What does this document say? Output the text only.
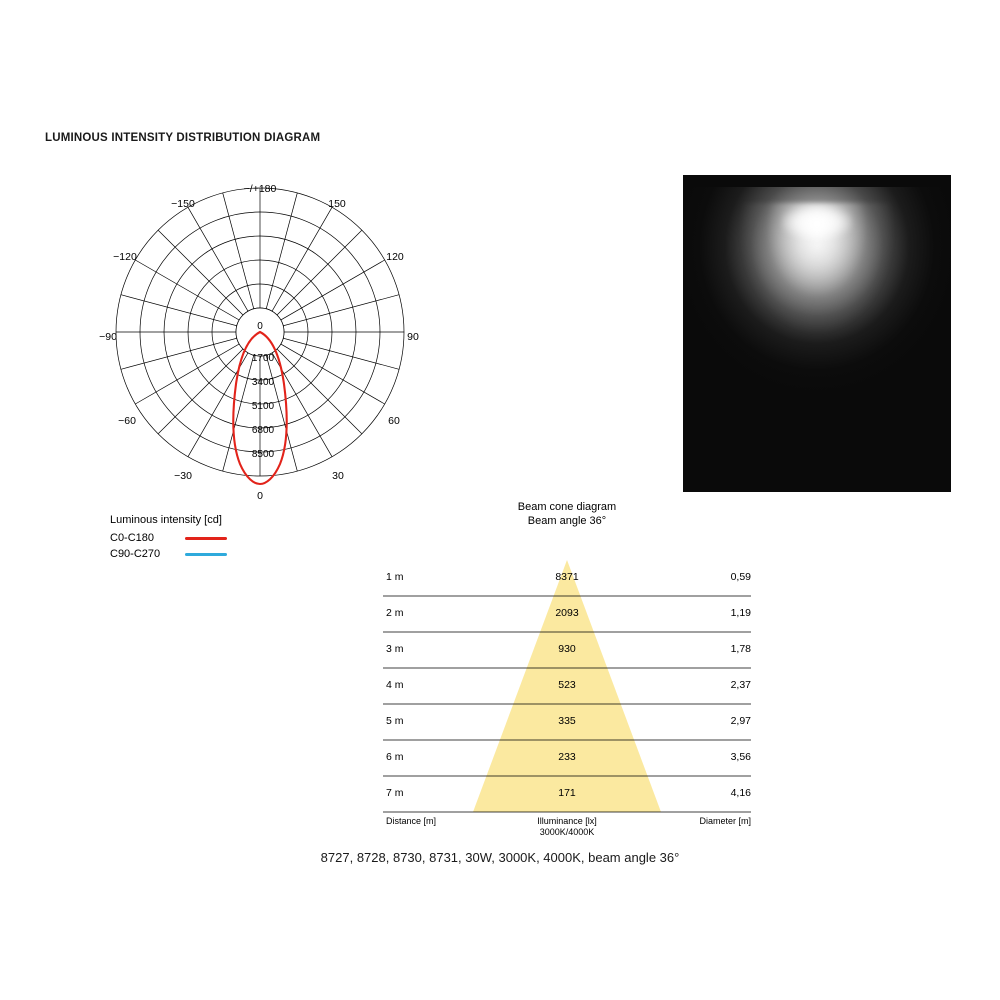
LUMINOUS INTENSITY DISTRIBUTION DIAGRAM
−/+180
150
120
90
60
30
−150
−120
−90
−60
−30
0
0
1700
3400
5100
6800
8500
Luminous intensity [cd]
C0-C180
C90-C270
Beam cone diagram
Beam angle 36°
1 m	8371	0,59
2 m	2093	1,19
3 m	930	1,78
4 m	523	2,37
5 m	335	2,97
6 m	233	3,56
7 m	171	4,16
Distance [m]	Illuminance [lx]
3000K/4000K
Diameter [m]
8727, 8728, 8730, 8731, 30W, 3000K, 4000K, beam angle 36°
